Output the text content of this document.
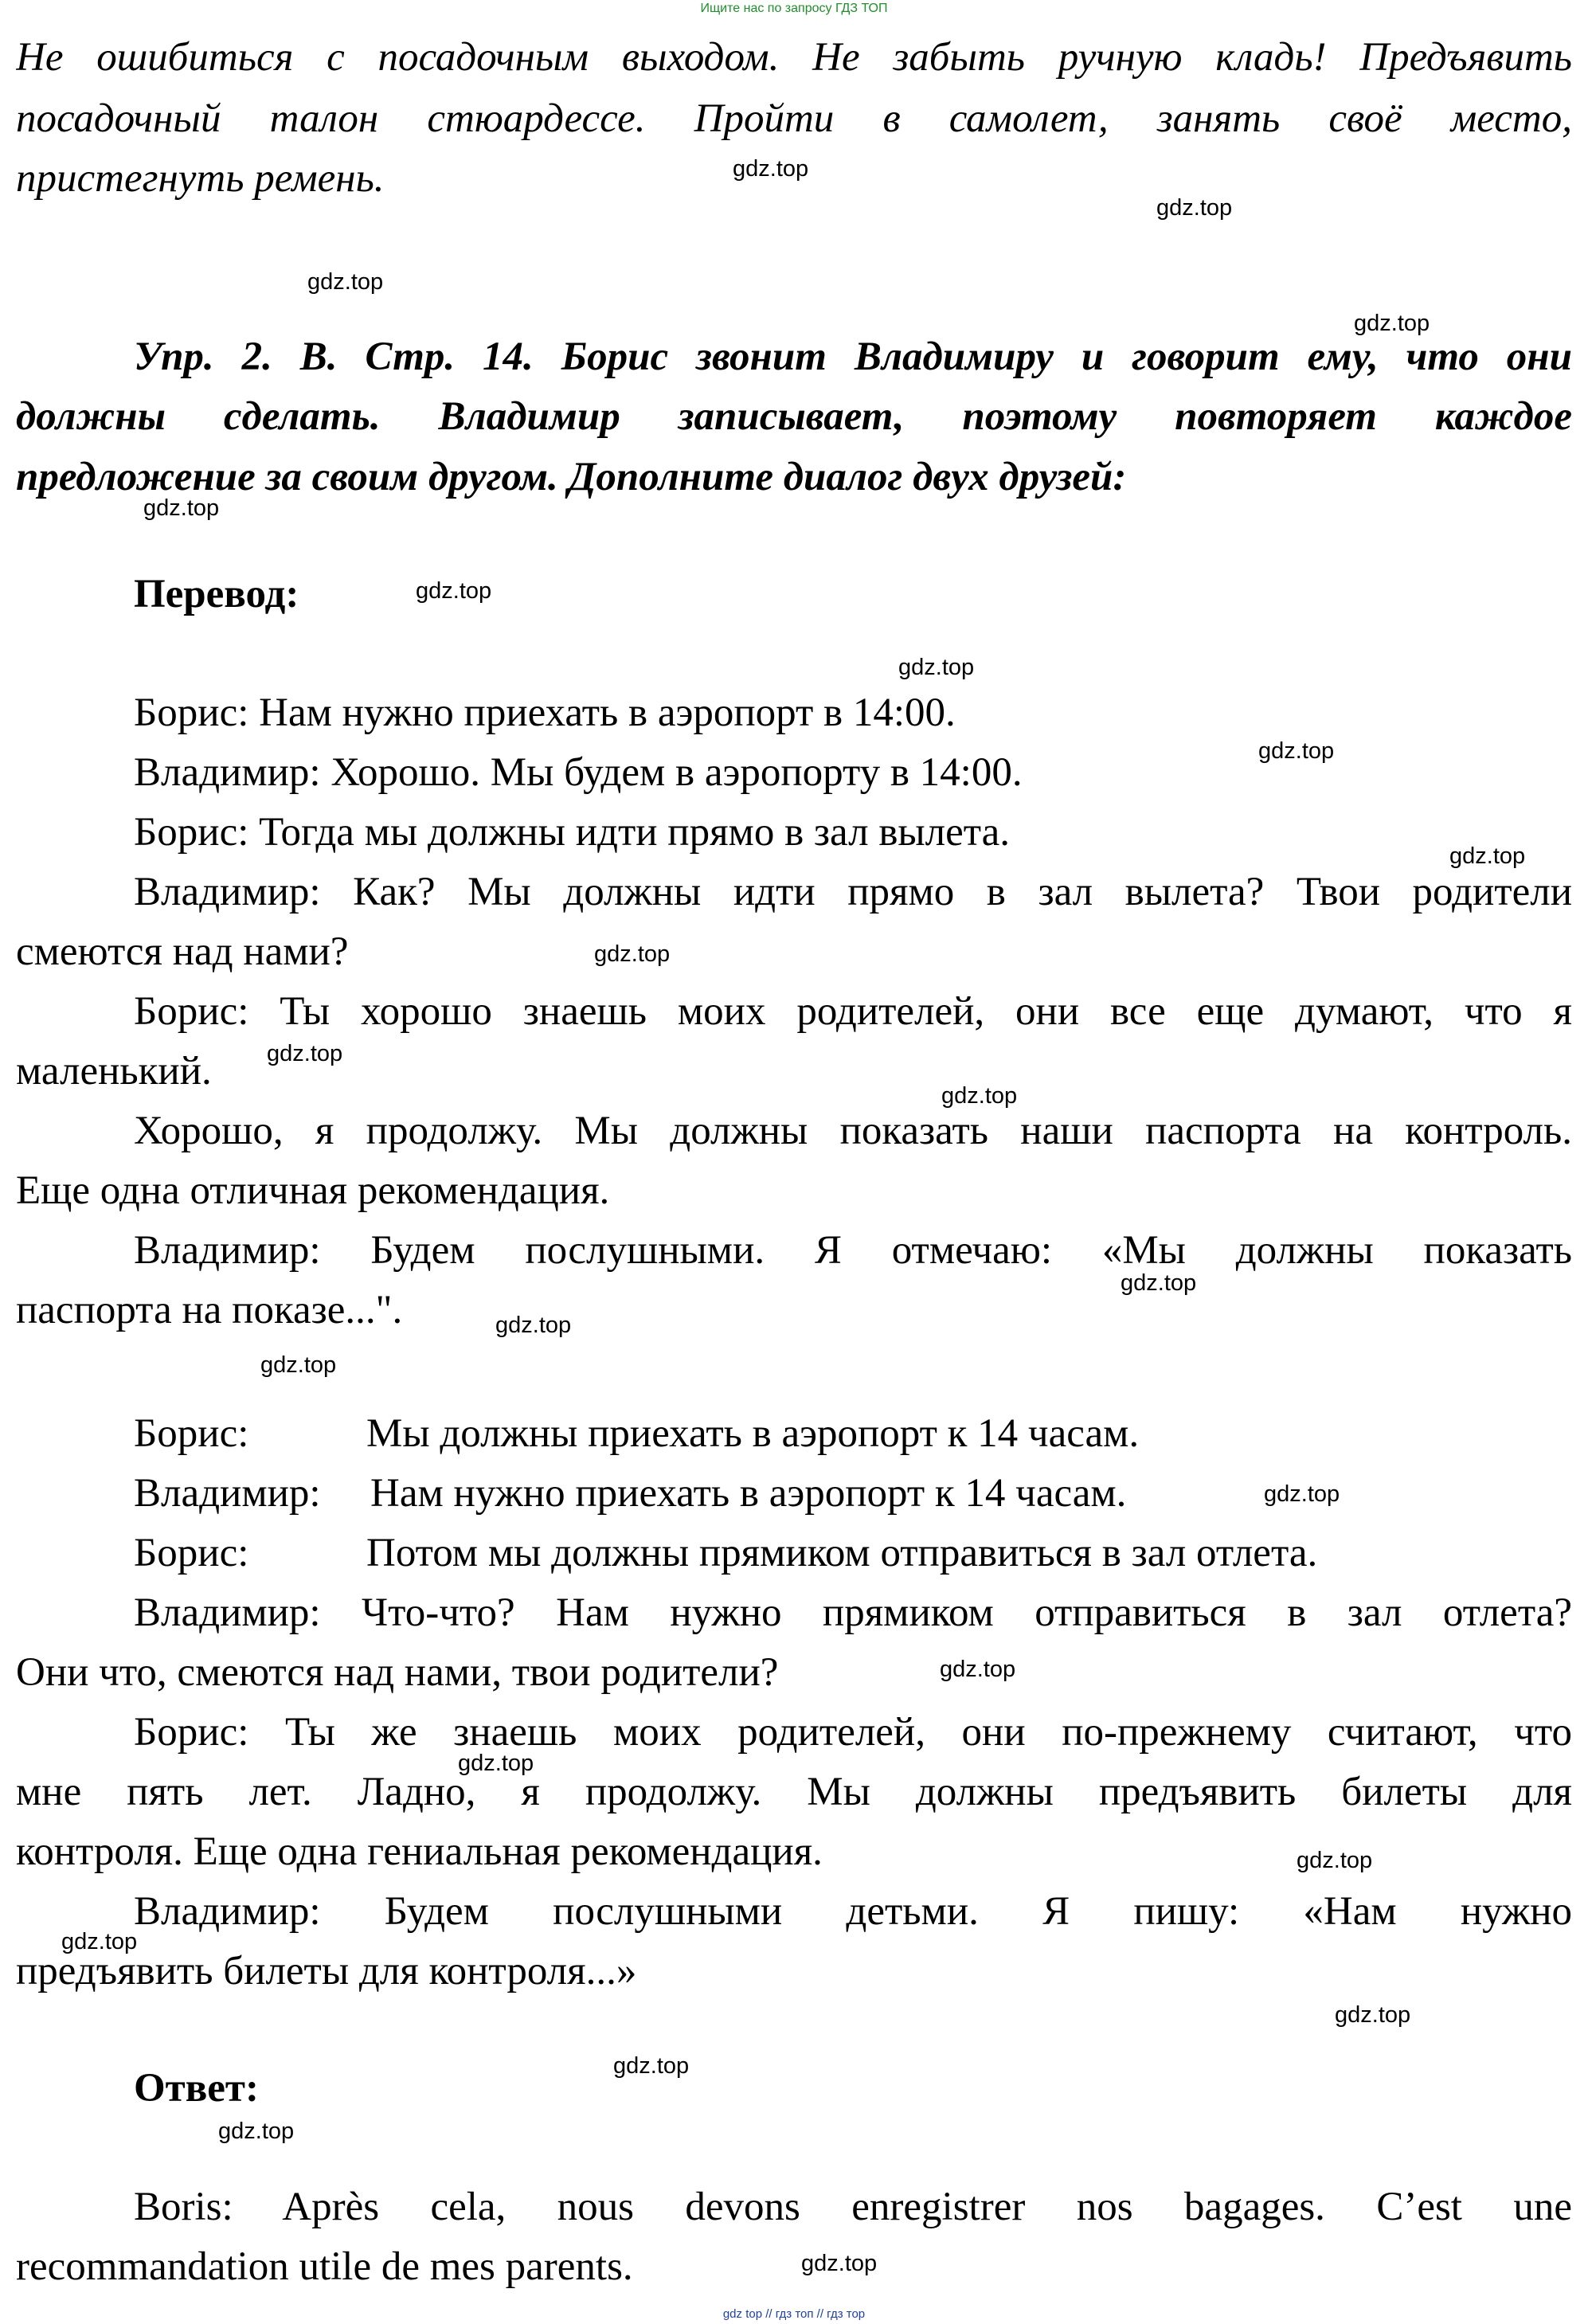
Ищите нас по запросу ГДЗ ТОП
Не ошибиться с посадочным выходом. Не забыть ручную кладь! Предъявить
посадочный талон стюардессе. Пройти в самолет, занять своё место,
пристегнуть ремень.
Упр. 2. B. Стр. 14. Борис звонит Владимиру и говорит ему, что они
должны сделать. Владимир записывает, поэтому повторяет каждое
предложение за своим другом. Дополните диалог двух друзей:
Перевод:
Борис: Нам нужно приехать в аэропорт в 14:00.
Владимир: Хорошо. Мы будем в аэропорту в 14:00.
Борис: Тогда мы должны идти прямо в зал вылета.
Владимир: Как? Мы должны идти прямо в зал вылета? Твои родители
смеются над нами?
Борис: Ты хорошо знаешь моих родителей, они все еще думают, что я
маленький.
Хорошо, я продолжу. Мы должны показать наши паспорта на контроль.
Еще одна отличная рекомендация.
Владимир: Будем послушными. Я отмечаю: «Мы должны показать
паспорта на показе...".
Борис:	Мы должны приехать в аэропорт к 14 часам.
Владимир: Нам нужно приехать в аэропорт к 14 часам.
Борис:	Потом мы должны прямиком отправиться в зал отлета.
Владимир: Что-что? Нам нужно прямиком отправиться в зал отлета?
Они что, смеются над нами, твои родители?
Борис: Ты же знаешь моих родителей, они по-прежнему считают, что
мне пять лет. Ладно, я продолжу. Мы должны предъявить билеты для
контроля. Еще одна гениальная рекомендация.
Владимир: Будем послушными детьми. Я пишу: «Нам нужно
предъявить билеты для контроля...»
Ответ:
Boris: Après cela, nous devons enregistrer nos bagages. C’est une
recommandation utile de mes parents.
gdz.top
gdz.top
gdz.top
gdz.top
gdz.top
gdz.top
gdz.top
gdz.top
gdz.top
gdz.top
gdz.top
gdz.top
gdz.top
gdz.top
gdz.top
gdz.top
gdz.top
gdz.top
gdz.top
gdz.top
gdz.top
gdz.top
gdz.top
gdz.top
gdz top // гдз топ // гдз тор
